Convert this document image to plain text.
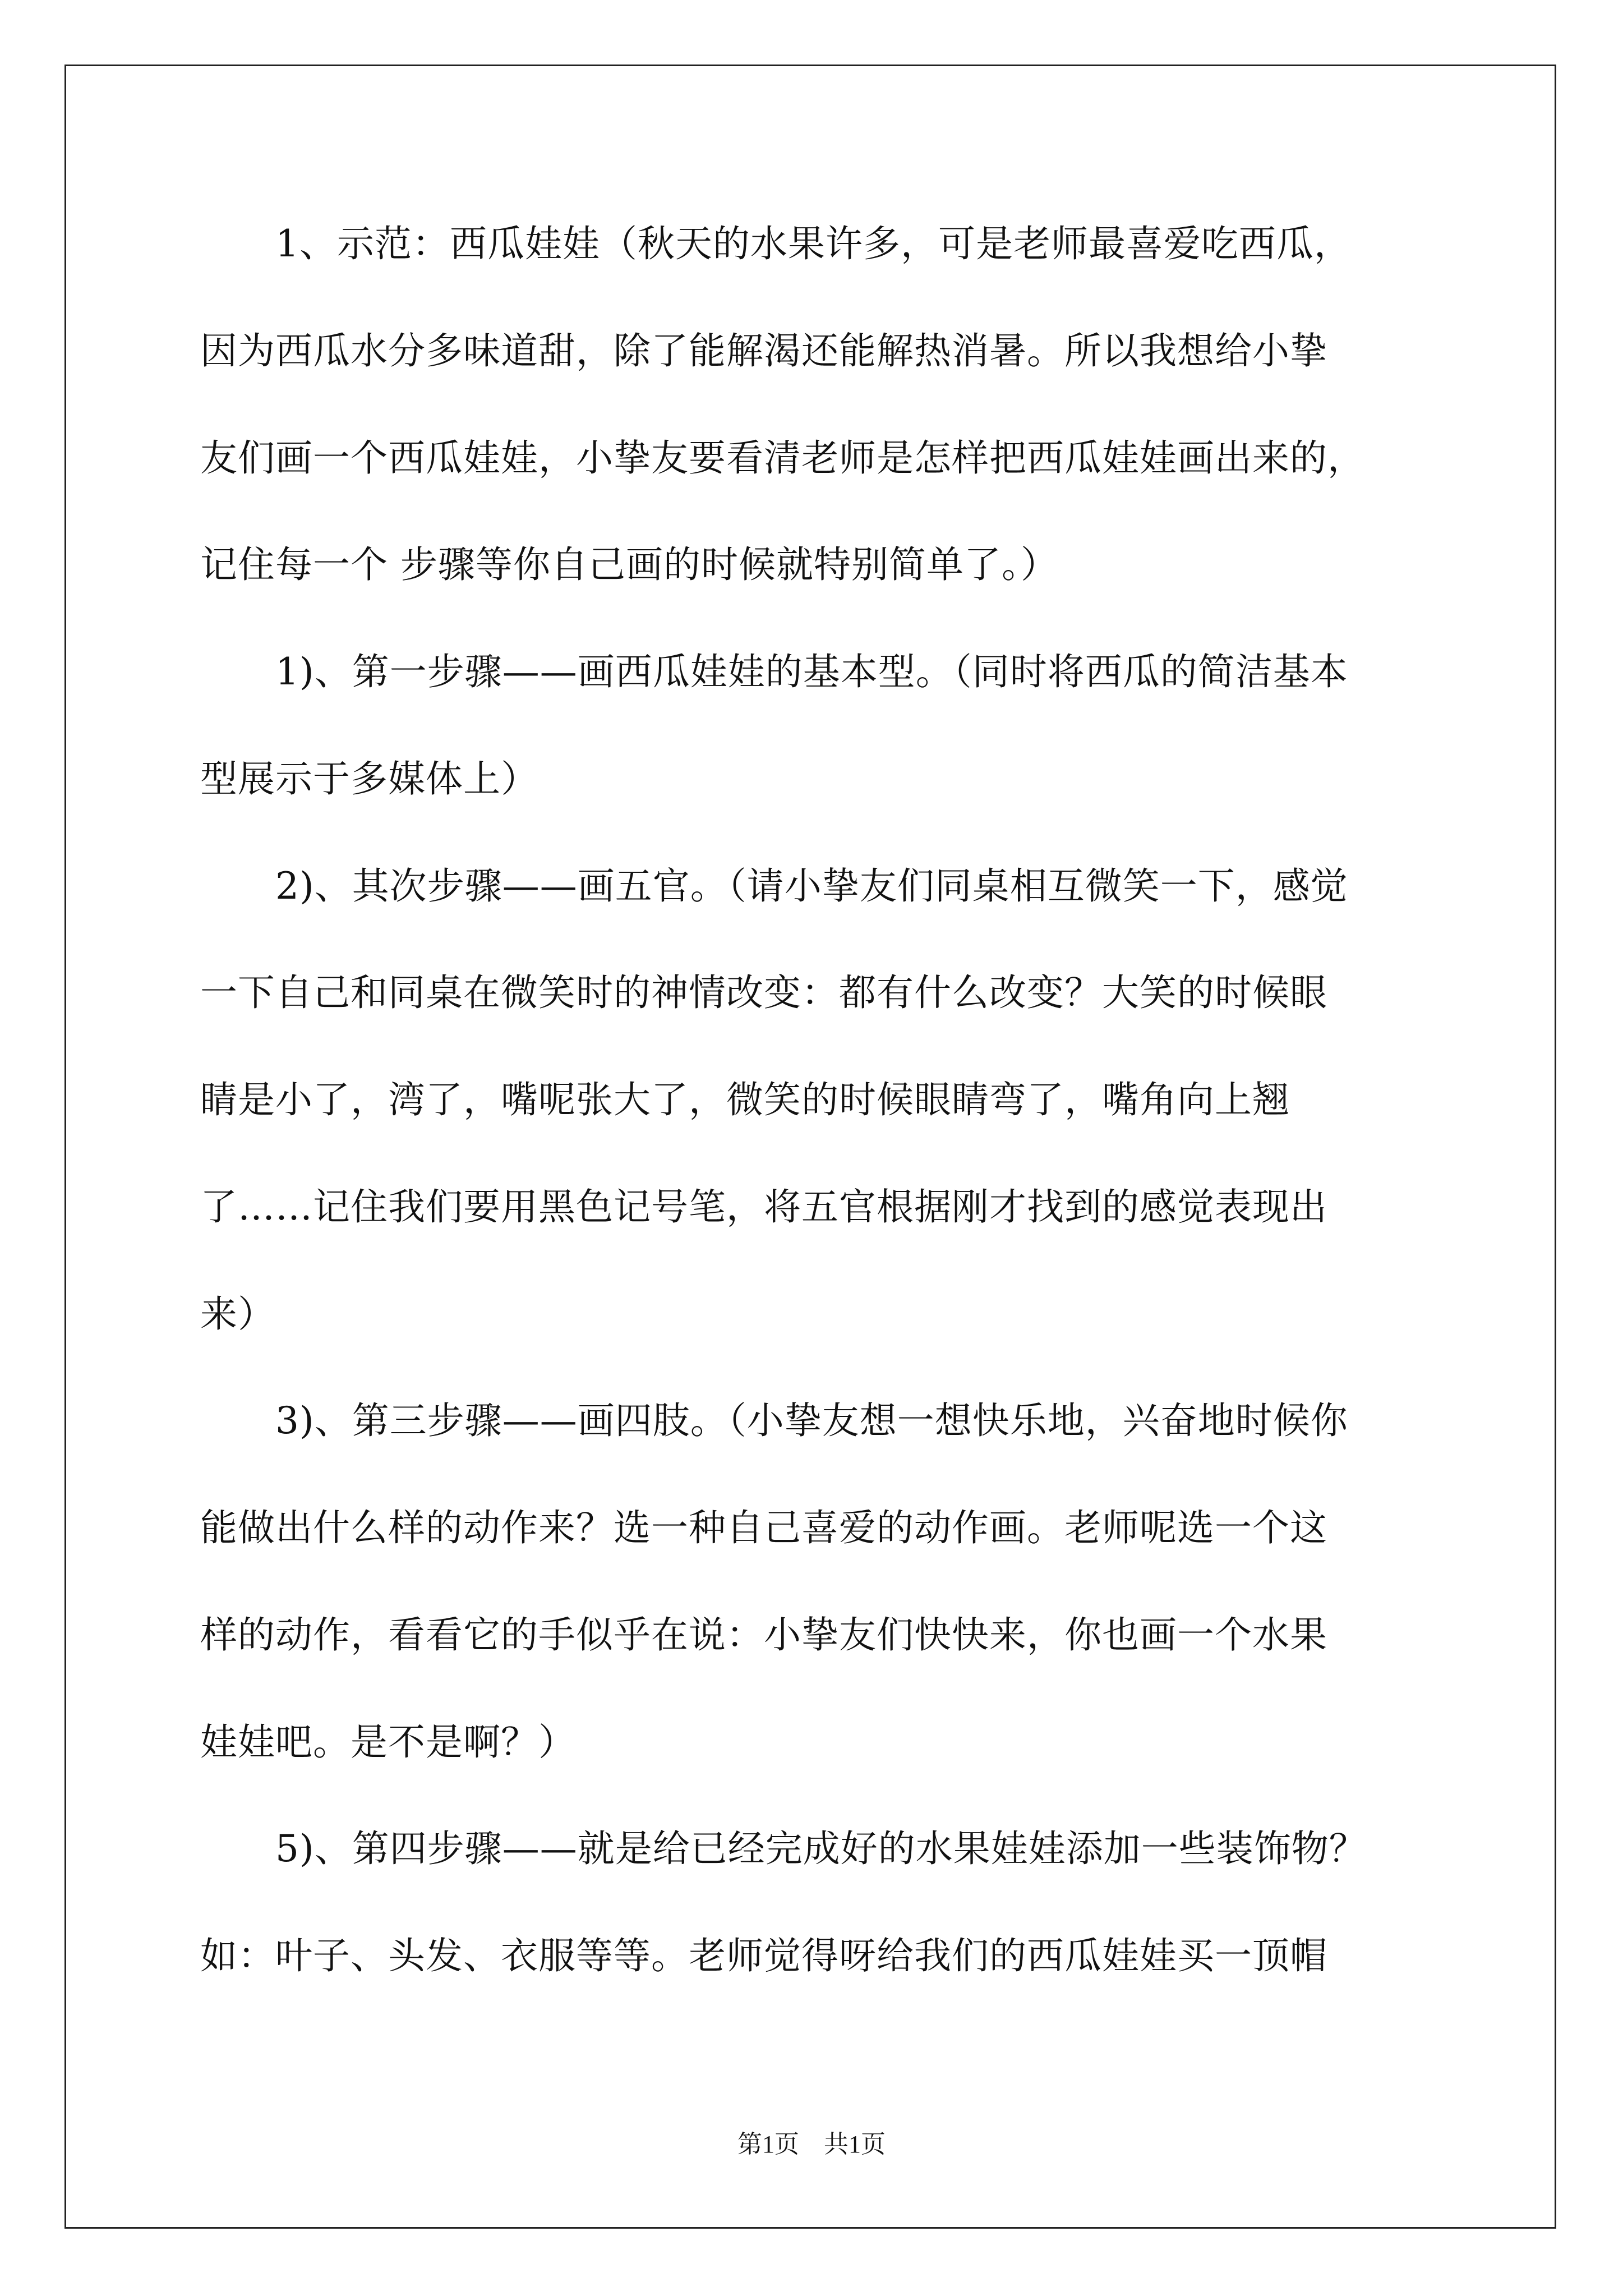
　　1、示范：西瓜娃娃（秋天的水果许多，可是老师最喜爱吃西瓜，
因为西瓜水分多味道甜，除了能解渴还能解热消暑。所以我想给小挚
友们画一个西瓜娃娃，小挚友要看清老师是怎样把西瓜娃娃画出来的，
记住每一个 步骤等你自己画的时候就特别简单了。）
　　1)、第一步骤——画西瓜娃娃的基本型。（同时将西瓜的简洁基本
型展示于多媒体上）
　　2)、其次步骤——画五官。（请小挚友们同桌相互微笑一下，感觉
一下自己和同桌在微笑时的神情改变：都有什么改变？大笑的时候眼
睛是小了，湾了，嘴呢张大了，微笑的时候眼睛弯了，嘴角向上翘
了……记住我们要用黑色记号笔，将五官根据刚才找到的感觉表现出
来）
　　3)、第三步骤——画四肢。（小挚友想一想快乐地，兴奋地时候你
能做出什么样的动作来？选一种自己喜爱的动作画。老师呢选一个这
样的动作，看看它的手似乎在说：小挚友们快快来，你也画一个水果
娃娃吧。是不是啊？）
　　5)、第四步骤——就是给已经完成好的水果娃娃添加一些装饰物？
如：叶子、头发、衣服等等。老师觉得呀给我们的西瓜娃娃买一顶帽
第1页 共1页
